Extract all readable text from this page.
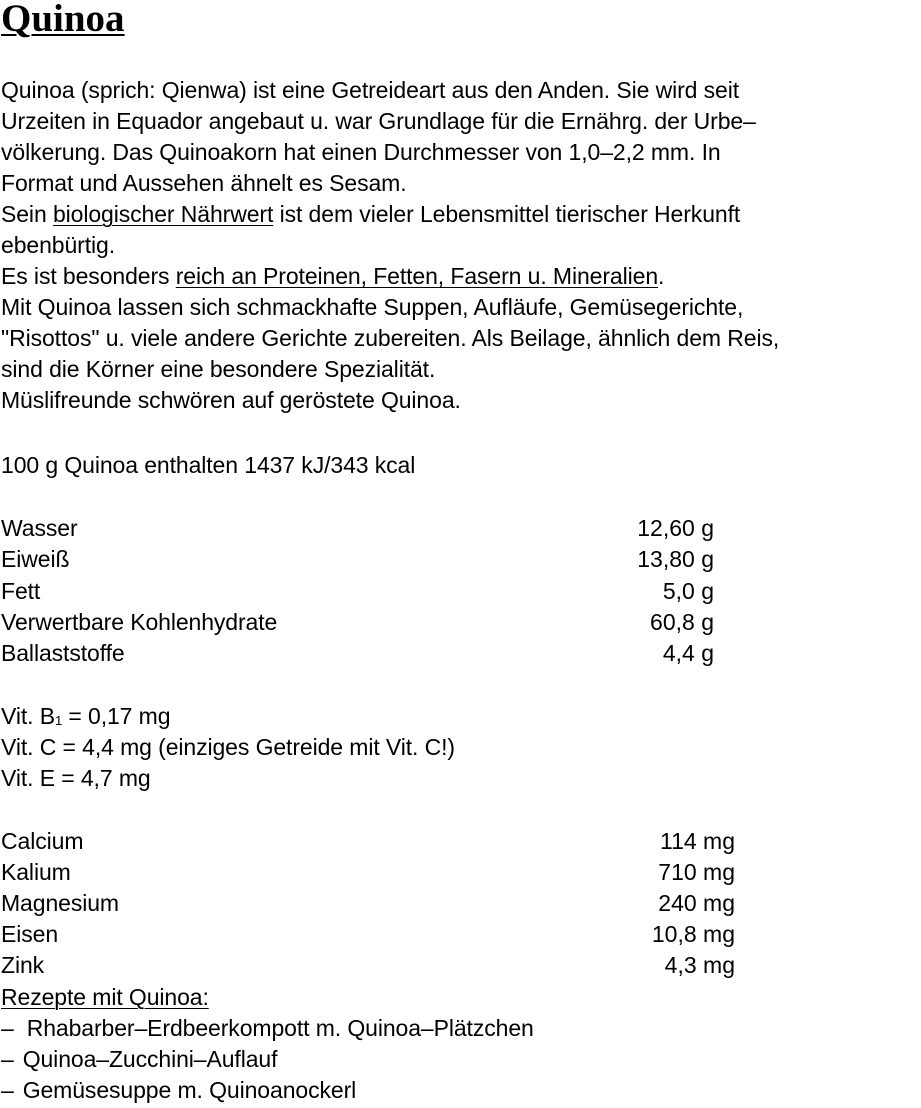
Quinoa
Quinoa (sprich: Qienwa) ist eine Getreideart aus den Anden. Sie wird seit
Urzeiten in Equador angebaut u. war Grundlage für die Ernährg. der Urbe–
völkerung. Das Quinoakorn hat einen Durchmesser von 1,0–2,2 mm. In
Format und Aussehen ähnelt es Sesam.
Sein biologischer Nährwert ist dem vieler Lebensmittel tierischer Herkunft
ebenbürtig.
Es ist besonders reich an Proteinen, Fetten, Fasern u. Mineralien.
Mit Quinoa lassen sich schmackhafte Suppen, Aufläufe, Gemüsegerichte,
"Risottos" u. viele andere Gerichte zubereiten. Als Beilage, ähnlich dem Reis,
sind die Körner eine besondere Spezialität.
Müslifreunde schwören auf geröstete Quinoa.
100 g Quinoa enthalten 1437 kJ/343 kcal
Wasser	12,60 g
Eiweiß	13,80 g
Fett	5,0 g
Verwertbare Kohlenhydrate	60,8 g
Ballaststoffe	4,4 g
Vit. $B_1 = 0,17$ mg
Vit. C = 4,4 mg (einziges Getreide mit Vit. C!)
Vit. E = 4,7 mg
Calcium	114 mg
Kalium	710 mg
Magnesium	240 mg
Eisen	10,8 mg
Zink	4,3 mg
Rezepte mit Quinoa:
– Rhabarber–Erdbeerkompott m. Quinoa–Plätzchen
– Quinoa–Zucchini–Auflauf
– Gemüsesuppe m. Quinoanockerl
